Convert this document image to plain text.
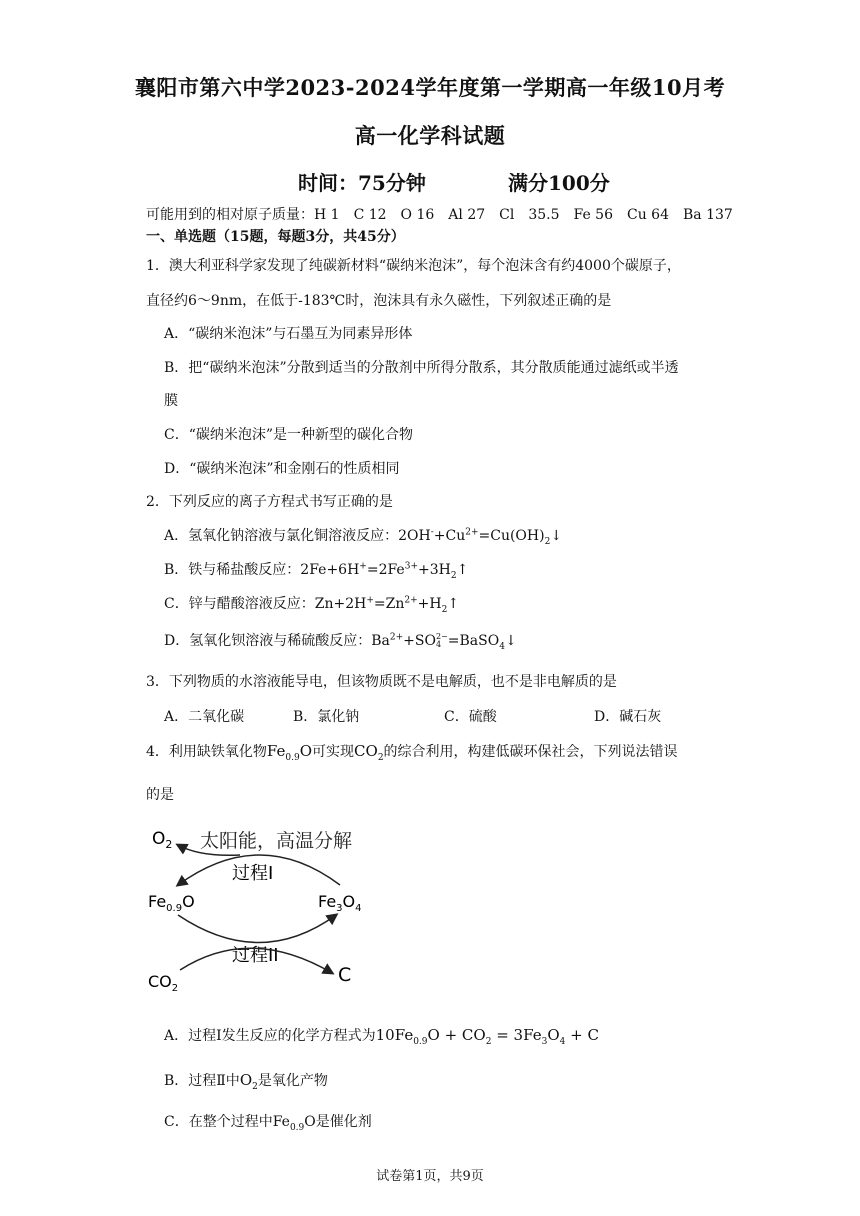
襄阳市第六中学2023-2024学年度第一学期高一年级10月考
高一化学科试题
时间：75分钟	满分100分
可能用到的相对原子质量：H 1　C 12　O 16　Al 27　Cl　35.5　Fe 56　Cu 64　Ba 137
一、单选题（15题，每题3分，共45分）
1．澳大利亚科学家发现了纯碳新材料“碳纳米泡沫”，每个泡沫含有约4000个碳原子，
直径约6～9nm，在低于-183℃时，泡沫具有永久磁性，下列叙述正确的是
A．“碳纳米泡沫”与石墨互为同素异形体
B．把“碳纳米泡沫”分散到适当的分散剂中所得分散系，其分散质能通过滤纸或半透
膜
C．“碳纳米泡沫”是一种新型的碳化合物
D．“碳纳米泡沫”和金刚石的性质相同
2．下列反应的离子方程式书写正确的是
A．氢氧化钠溶液与氯化铜溶液反应：$2OH^-+Cu^{2+}=Cu(OH)_2↓$
B．铁与稀盐酸反应：$2Fe+6H^+=2Fe^{3+}+3H_2↑$
C．锌与醋酸溶液反应：$Zn+2H^+=Zn^{2+}+H_2↑$
D．氢氧化钡溶液与稀硫酸反应：$Ba^{2+}+SO$ 2−
4 =BaSO$_4$↓
3．下列物质的水溶液能导电，但该物质既不是电解质，也不是非电解质的是
A．二氧化碳	B．氯化钠	C．硫酸	D．碱石灰
4．利用缺铁氧化物$Fe_{0.9}O$可实现$CO_2$的综合利用，构建低碳环保社会，下列说法错误
的是
$O_2$ 太阳能，高温分解
过程I
$Fe_{0.9}O$	$Fe_3O_4$
过程II
C
$CO_2$
A．过程Ⅰ发生反应的化学方程式为$10Fe_{0.9}O + CO_2 = 3Fe_3O_4 + C$
B．过程Ⅱ中$O_2$是氧化产物
C．在整个过程中$Fe_{0.9}O$是催化剂
试卷第1页，共9页
